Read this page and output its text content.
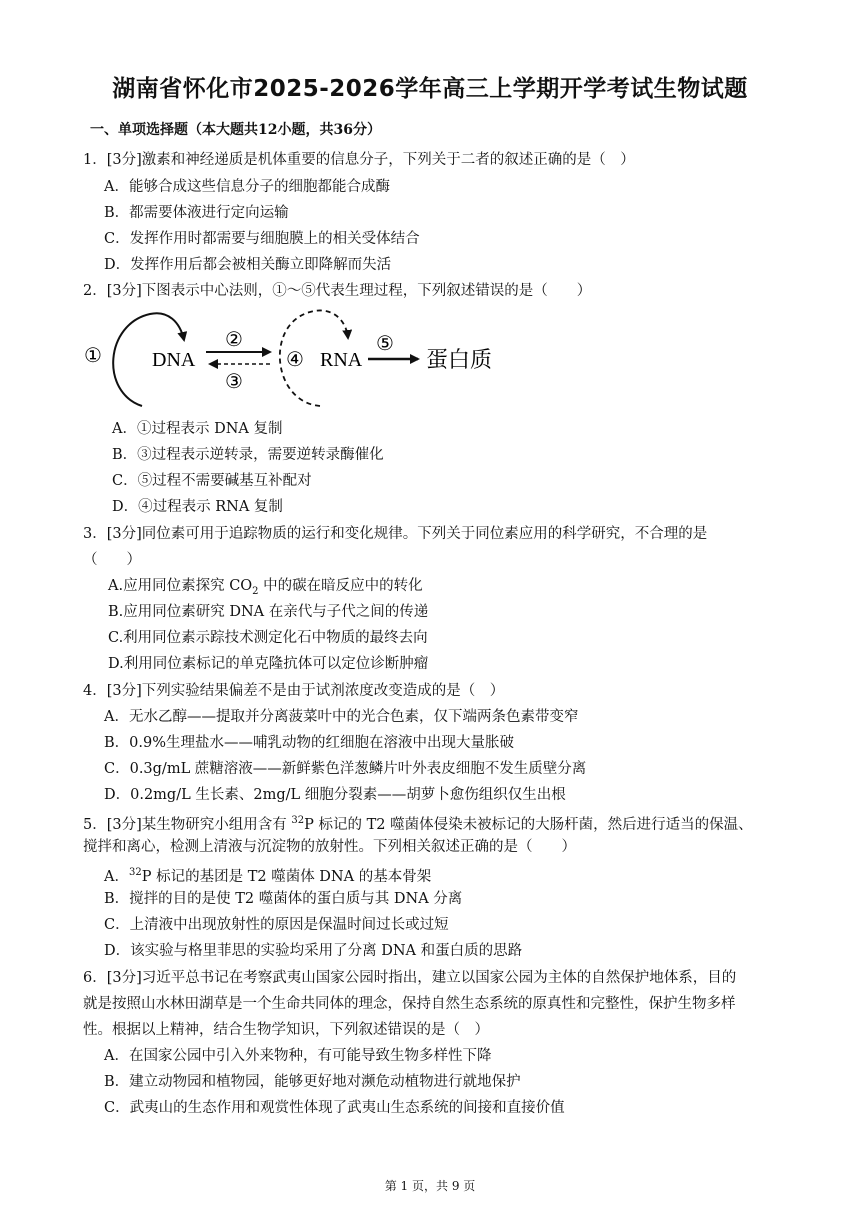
湖南省怀化市2025-2026学年高三上学期开学考试生物试题
一、单项选择题（本大题共12小题，共36分）
1．[3分]激素和神经递质是机体重要的信息分子，下列关于二者的叙述正确的是（　）
A．能够合成这些信息分子的细胞都能合成酶
B．都需要体液进行定向运输
C．发挥作用时都需要与细胞膜上的相关受体结合
D．发挥作用后都会被相关酶立即降解而失活
2．[3分]下图表示中心法则，①～⑤代表生理过程，下列叙述错误的是（　　）
①	DNA
②
③
④ RNA
⑤
蛋白质
A．①过程表示 DNA 复制
B．③过程表示逆转录，需要逆转录酶催化
C．⑤过程不需要碱基互补配对
D．④过程表示 RNA 复制
3．[3分]同位素可用于追踪物质的运行和变化规律。下列关于同位素应用的科学研究，不合理的是
（　　）
A.应用同位素探究 $CO_2$ 中的碳在暗反应中的转化
B.应用同位素研究 DNA 在亲代与子代之间的传递
C.利用同位素示踪技术测定化石中物质的最终去向
D.利用同位素标记的单克隆抗体可以定位诊断肿瘤
4．[3分]下列实验结果偏差不是由于试剂浓度改变造成的是（　）
A．无水乙醇——提取并分离菠菜叶中的光合色素，仅下端两条色素带变窄
B．0.9%生理盐水——哺乳动物的红细胞在溶液中出现大量胀破
C．0.3g/mL 蔗糖溶液——新鲜紫色洋葱鳞片叶外表皮细胞不发生质壁分离
D．0.2mg/L 生长素、2mg/L 细胞分裂素——胡萝卜愈伤组织仅生出根
5．[3分]某生物研究小组用含有 $^{32}$P 标记的 T2 噬菌体侵染未被标记的大肠杆菌，然后进行适当的保温、
搅拌和离心，检测上清液与沉淀物的放射性。下列相关叙述正确的是（　　）
A．$^{32}$P 标记的基团是 T2 噬菌体 DNA 的基本骨架
B．搅拌的目的是使 T2 噬菌体的蛋白质与其 DNA 分离
C．上清液中出现放射性的原因是保温时间过长或过短
D．该实验与格里菲思的实验均采用了分离 DNA 和蛋白质的思路
6．[3分]习近平总书记在考察武夷山国家公园时指出，建立以国家公园为主体的自然保护地体系，目的
就是按照山水林田湖草是一个生命共同体的理念，保持自然生态系统的原真性和完整性，保护生物多样
性。根据以上精神，结合生物学知识，下列叙述错误的是（　）
A．在国家公园中引入外来物种，有可能导致生物多样性下降
B．建立动物园和植物园，能够更好地对濒危动植物进行就地保护
C．武夷山的生态作用和观赏性体现了武夷山生态系统的间接和直接价值
第 1 页，共 9 页
